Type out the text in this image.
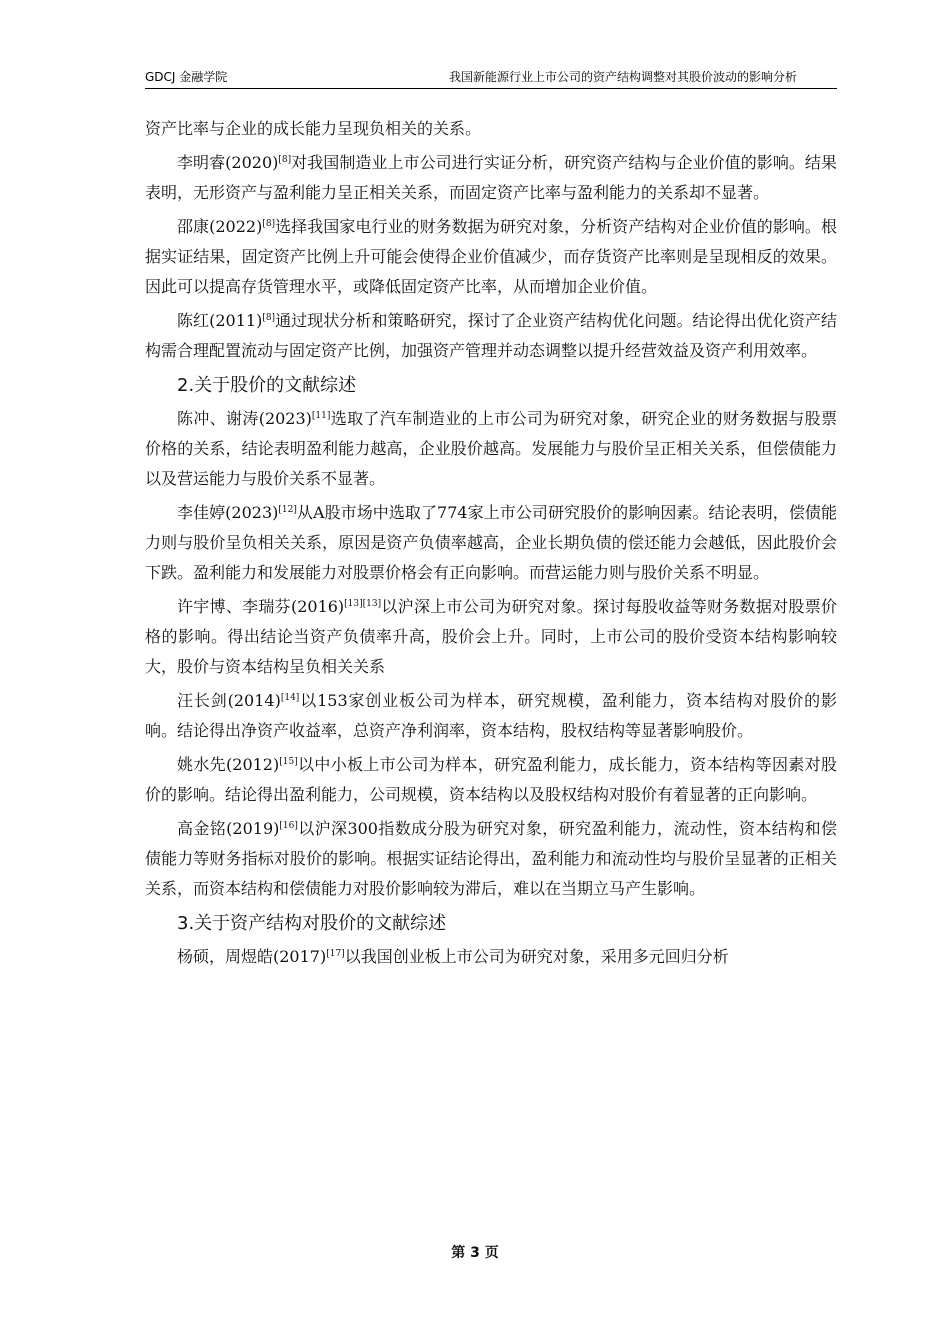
GDCJ 金融学院	我国新能源行业上市公司的资产结构调整对其股价波动的影响分析

资产比率与企业的成长能力呈现负相关的关系。

李明睿(2020)[8]对我国制造业上市公司进行实证分析，研究资产结构与企业价值的影响。结果表明，无形资产与盈利能力呈正相关关系，而固定资产比率与盈利能力的关系却不显著。

邵康(2022)[8]选择我国家电行业的财务数据为研究对象，分析资产结构对企业价值的影响。根据实证结果，固定资产比例上升可能会使得企业价值减少，而存货资产比率则是呈现相反的效果。因此可以提高存货管理水平，或降低固定资产比率，从而增加企业价值。

陈红(2011)[8]通过现状分析和策略研究，探讨了企业资产结构优化问题。结论得出优化资产结构需合理配置流动与固定资产比例，加强资产管理并动态调整以提升经营效益及资产利用效率。

2.关于股价的文献综述

陈冲、谢涛(2023)[11]选取了汽车制造业的上市公司为研究对象，研究企业的财务数据与股票价格的关系，结论表明盈利能力越高，企业股价越高。发展能力与股价呈正相关关系，但偿债能力以及营运能力与股价关系不显著。

李佳婷(2023)[12]从A股市场中选取了774家上市公司研究股价的影响因素。结论表明，偿债能力则与股价呈负相关关系，原因是资产负债率越高，企业长期负债的偿还能力会越低，因此股价会下跌。盈利能力和发展能力对股票价格会有正向影响。而营运能力则与股价关系不明显。

许宇博、李瑞芬(2016)[13][13]以沪深上市公司为研究对象。探讨每股收益等财务数据对股票价格的影响。得出结论当资产负债率升高，股价会上升。同时，上市公司的股价受资本结构影响较大，股价与资本结构呈负相关关系

汪长剑(2014)[14]以153家创业板公司为样本，研究规模，盈利能力，资本结构对股价的影响。结论得出净资产收益率，总资产净利润率，资本结构，股权结构等显著影响股价。

姚水先(2012)[15]以中小板上市公司为样本，研究盈利能力，成长能力，资本结构等因素对股价的影响。结论得出盈利能力，公司规模，资本结构以及股权结构对股价有着显著的正向影响。

高金铭(2019)[16]以沪深300指数成分股为研究对象，研究盈利能力，流动性，资本结构和偿债能力等财务指标对股价的影响。根据实证结论得出，盈利能力和流动性均与股价呈显著的正相关关系，而资本结构和偿债能力对股价影响较为滞后，难以在当期立马产生影响。

3.关于资产结构对股价的文献综述

杨硕，周煜皓(2017)[17]以我国创业板上市公司为研究对象，采用多元回归分析

第 3 页
